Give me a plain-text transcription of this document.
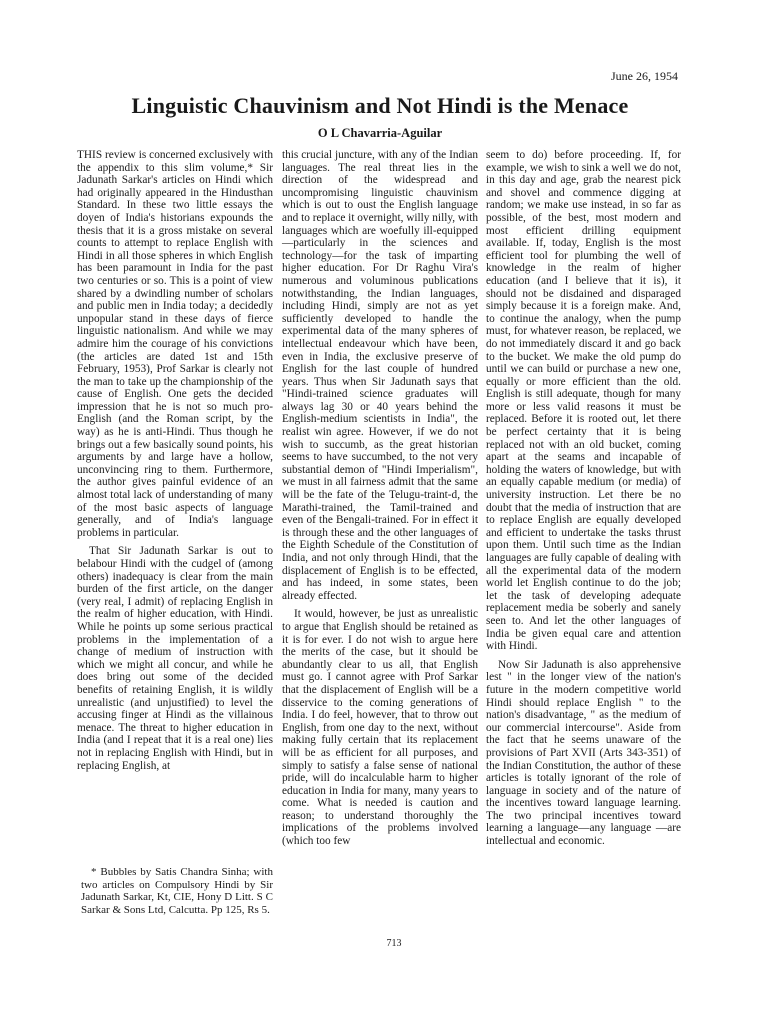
June 26, 1954
Linguistic Chauvinism and Not Hindi is the Menace
O L Chavarria-Aguilar

THIS review is concerned exclusively with the appendix to this slim volume,* Sir Jadunath Sarkar's articles on Hindi which had originally appeared in the Hindusthan Standard. In these two little essays the doyen of India's historians expounds the thesis that it is a gross mistake on several counts to attempt to replace English with Hindi in all those spheres in which English has been paramount in India for the past two centuries or so. This is a point of view shared by a dwindling number of scholars and public men in India today; a decidedly unpopular stand in these days of fierce linguistic nationalism. And while we may admire him the courage of his convictions (the articles are dated 1st and 15th February, 1953), Prof Sarkar is clearly not the man to take up the championship of the cause of English. One gets the decided impression that he is not so much pro-English (and the Roman script, by the way) as he is anti-Hindi. Thus though he brings out a few basically sound points, his arguments by and large have a hollow, unconvincing ring to them. Furthermore, the author gives painful evidence of an almost total lack of understanding of many of the most basic aspects of language generally, and of India's language problems in particular.

That Sir Jadunath Sarkar is out to belabour Hindi with the cudgel of (among others) inadequacy is clear from the main burden of the first article, on the danger (very real, I admit) of replacing English in the realm of higher education, with Hindi. While he points up some serious practical problems in the implementation of a change of medium of instruction with which we might all concur, and while he does bring out some of the decided benefits of retaining English, it is wildly unrealistic (and unjustified) to level the accusing finger at Hindi as the villainous menace. The threat to higher education in India (and I repeat that it is a real one) lies not in replacing English with Hindi, but in replacing English, at

this crucial juncture, with any of the Indian languages. The real threat lies in the direction of the widespread and uncompromising linguistic chauvinism which is out to oust the English language and to replace it overnight, willy nilly, with languages which are woefully ill-equipped—particularly in the sciences and technology—for the task of imparting higher education. For Dr Raghu Vira's numerous and voluminous publications notwithstanding, the Indian languages, including Hindi, simply are not as yet sufficiently developed to handle the experimental data of the many spheres of intellectual endeavour which have been, even in India, the exclusive preserve of English for the last couple of hundred years. Thus when Sir Jadunath says that "Hindi-trained science graduates will always lag 30 or 40 years behind the English-medium scientists in India", the realist win agree. However, if we do not wish to succumb, as the great historian seems to have succumbed, to the not very substantial demon of "Hindi Imperialism", we must in all fairness admit that the same will be the fate of the Telugu-traint-d, the Marathi-trained, the Tamil-trained and even of the Bengali-trained. For in effect it is through these and the other languages of the Eighth Schedule of the Constitution of India, and not only through Hindi, that the displacement of English is to be effected, and has indeed, in some states, been already effected.

It would, however, be just as unrealistic to argue that English should be retained as it is for ever. I do not wish to argue here the merits of the case, but it should be abundantly clear to us all, that English must go. I cannot agree with Prof Sarkar that the displacement of English will be a disservice to the coming generations of India. I do feel, however, that to throw out English, from one day to the next, without making fully certain that its replacement will be as efficient for all purposes, and simply to satisfy a false sense of national pride, will do incalculable harm to higher education in India for many, many years to come. What is needed is caution and reason; to understand thoroughly the implications of the problems involved (which too few

seem to do) before proceeding. If, for example, we wish to sink a well we do not, in this day and age, grab the nearest pick and shovel and commence digging at random; we make use instead, in so far as possible, of the best, most modern and most efficient drilling equipment available. If, today, English is the most efficient tool for plumbing the well of knowledge in the realm of higher education (and I believe that it is), it should not be disdained and disparaged simply because it is a foreign make. And, to continue the analogy, when the pump must, for whatever reason, be replaced, we do not immediately discard it and go back to the bucket. We make the old pump do until we can build or purchase a new one, equally or more efficient than the old. English is still adequate, though for many more or less valid reasons it must be replaced. Before it is rooted out, let there be perfect certainty that it is being replaced not with an old bucket, coming apart at the seams and incapable of holding the waters of knowledge, but with an equally capable medium (or media) of university instruction. Let there be no doubt that the media of instruction that are to replace English are equally developed and efficient to undertake the tasks thrust upon them. Until such time as the Indian languages are fully capable of dealing with all the experimental data of the modern world let English continue to do the job; let the task of developing adequate replacement media be soberly and sanely seen to. And let the other languages of India be given equal care and attention with Hindi.

Now Sir Jadunath is also apprehensive lest " in the longer view of the nation's future in the modern competitive world Hindi should replace English " to the nation's disadvantage, " as the medium of our commercial intercourse". Aside from the fact that he seems unaware of the provisions of Part XVII (Arts 343-351) of the Indian Constitution, the author of these articles is totally ignorant of the role of language in society and of the nature of the incentives toward language learning. The two principal incentives toward learning a language—any language —are intellectual and economic.

* Bubbles by Satis Chandra Sinha; with two articles on Compulsory Hindi by Sir Jadunath Sarkar, Kt, CIE, Hony D Litt. S C Sarkar & Sons Ltd, Calcutta. Pp 125, Rs 5.
713
